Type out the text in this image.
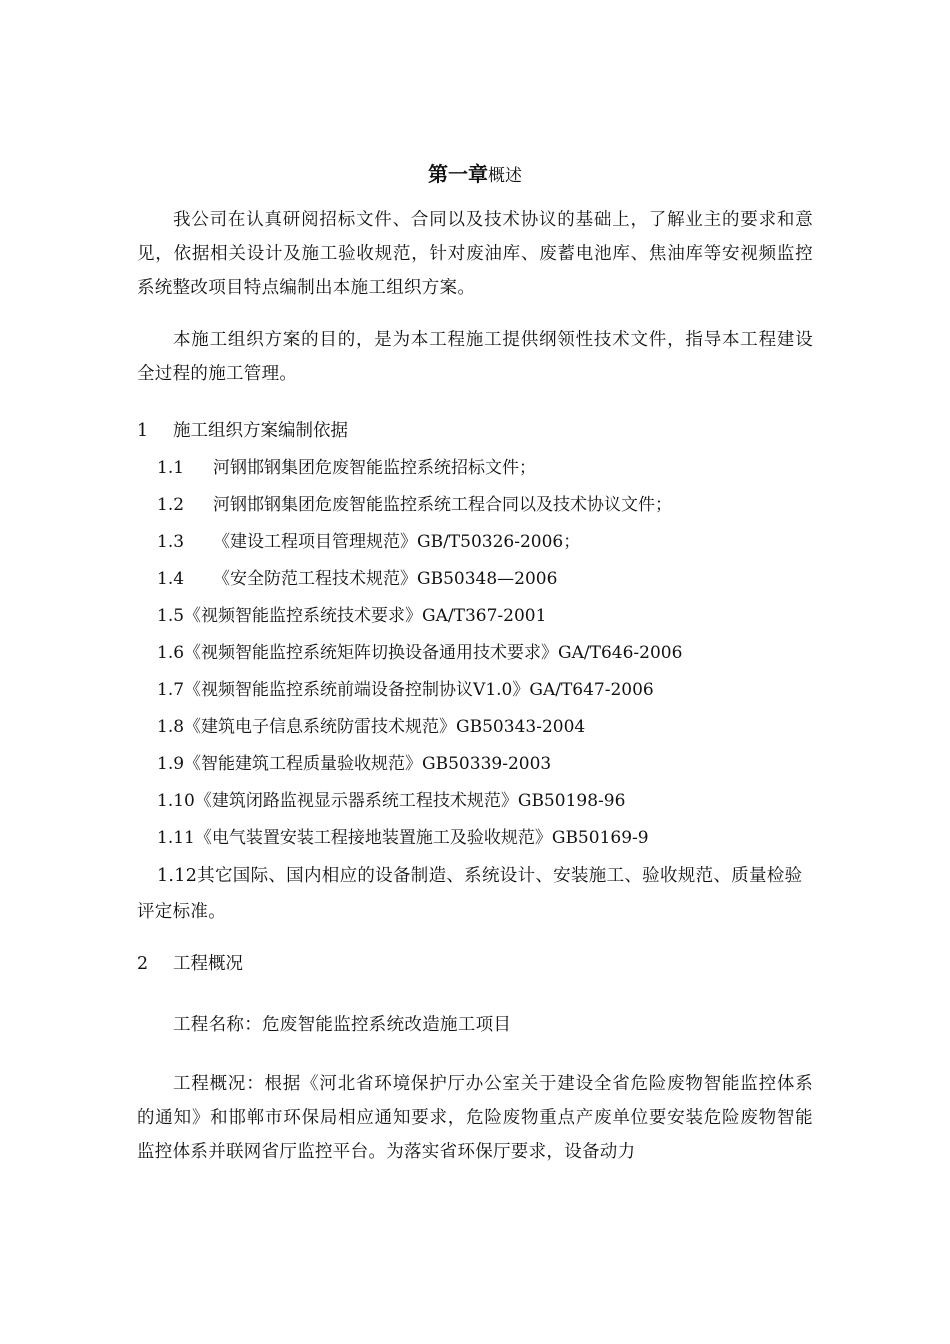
第一章概述
我公司在认真研阅招标文件、合同以及技术协议的基础上，了解业主的要求和意见，依据相关设计及施工验收规范，针对废油库、废蓄电池库、焦油库等安视频监控系统整改项目特点编制出本施工组织方案。
本施工组织方案的目的，是为本工程施工提供纲领性技术文件，指导本工程建设全过程的施工管理。
1 施工组织方案编制依据
1.1 河钢邯钢集团危废智能监控系统招标文件；
1.2 河钢邯钢集团危废智能监控系统工程合同以及技术协议文件；
1.3 《建设工程项目管理规范》GB/T50326-2006；
1.4 《安全防范工程技术规范》GB50348—2006
1.5《视频智能监控系统技术要求》GA/T367-2001
1.6《视频智能监控系统矩阵切换设备通用技术要求》GA/T646-2006
1.7《视频智能监控系统前端设备控制协议V1.0》GA/T647-2006
1.8《建筑电子信息系统防雷技术规范》GB50343-2004
1.9《智能建筑工程质量验收规范》GB50339-2003
1.10《建筑闭路监视显示器系统工程技术规范》GB50198-96
1.11《电气装置安装工程接地装置施工及验收规范》GB50169-9
1.12其它国际、国内相应的设备制造、系统设计、安装施工、验收规范、质量检验评定标准。
2 工程概况
工程名称：危废智能监控系统改造施工项目
工程概况：根据《河北省环境保护厅办公室关于建设全省危险废物智能监控体系的通知》和邯郸市环保局相应通知要求，危险废物重点产废单位要安装危险废物智能监控体系并联网省厅监控平台。为落实省环保厅要求，设备动力
